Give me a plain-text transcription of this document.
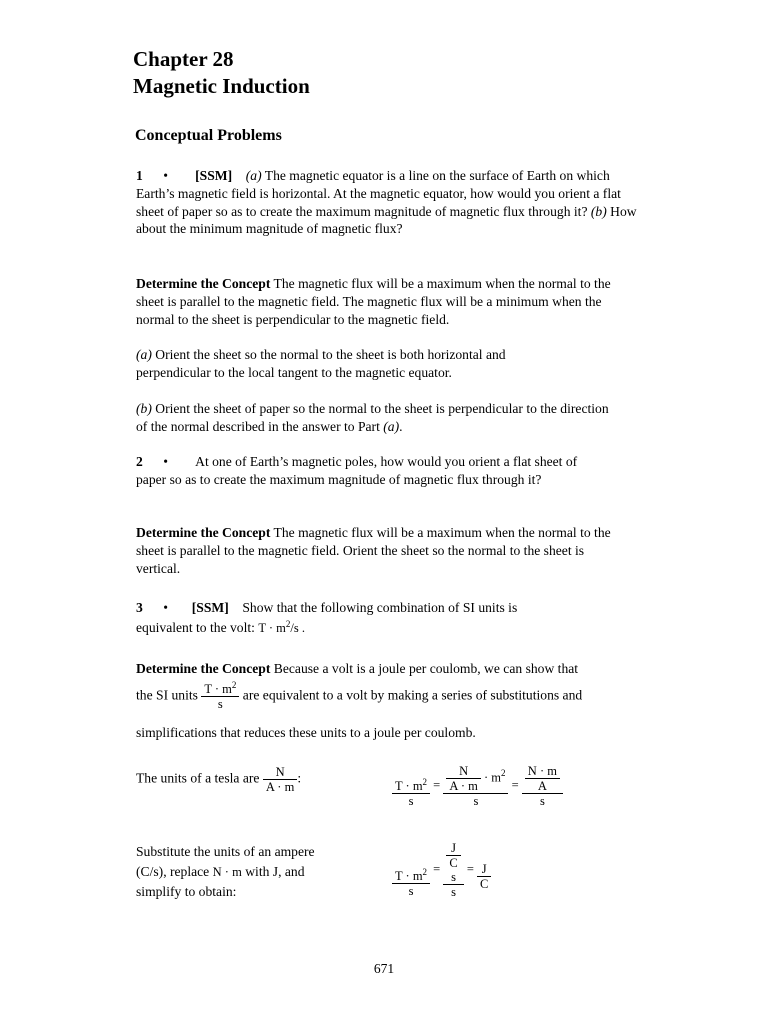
Chapter 28
Magnetic Induction
Conceptual Problems
1 • [SSM] (a) The magnetic equator is a line on the surface of Earth on which Earth’s magnetic field is horizontal. At the magnetic equator, how would you orient a flat sheet of paper so as to create the maximum magnitude of magnetic flux through it? (b) How about the minimum magnitude of magnetic flux?
Determine the Concept The magnetic flux will be a maximum when the normal to the sheet is parallel to the magnetic field. The magnetic flux will be a minimum when the normal to the sheet is perpendicular to the magnetic field.
(a) Orient the sheet so the normal to the sheet is both horizontal and perpendicular to the local tangent to the magnetic equator.
(b) Orient the sheet of paper so the normal to the sheet is perpendicular to the direction of the normal described in the answer to Part (a).
2 • At one of Earth’s magnetic poles, how would you orient a flat sheet of paper so as to create the maximum magnitude of magnetic flux through it?
Determine the Concept The magnetic flux will be a maximum when the normal to the sheet is parallel to the magnetic field. Orient the sheet so the normal to the sheet is vertical.
3 • [SSM] Show that the following combination of SI units is equivalent to the volt: $T \cdot m^2/s$ .
Determine the Concept Because a volt is a joule per coulomb, we can show that
the SI units $\frac{T \cdot m^2}{s}$ are equivalent to a volt by making a series of substitutions and
simplifications that reduces these units to a joule per coulomb.
The units of a tesla are $\frac{N}{A \cdot m}$ :	$\frac{T \cdot m^2}{s} = \frac{\frac{N}{A \cdot m} \cdot m^2}{s} = \frac{\frac{N \cdot m}{A}}{s}$
Substitute the units of an ampere
(C/s), replace N · m with J, and
simplify to obtain:	$\frac{T \cdot m^2}{s} = \frac{J}{C}$

s
s
= $\frac{J}{C}$
671
